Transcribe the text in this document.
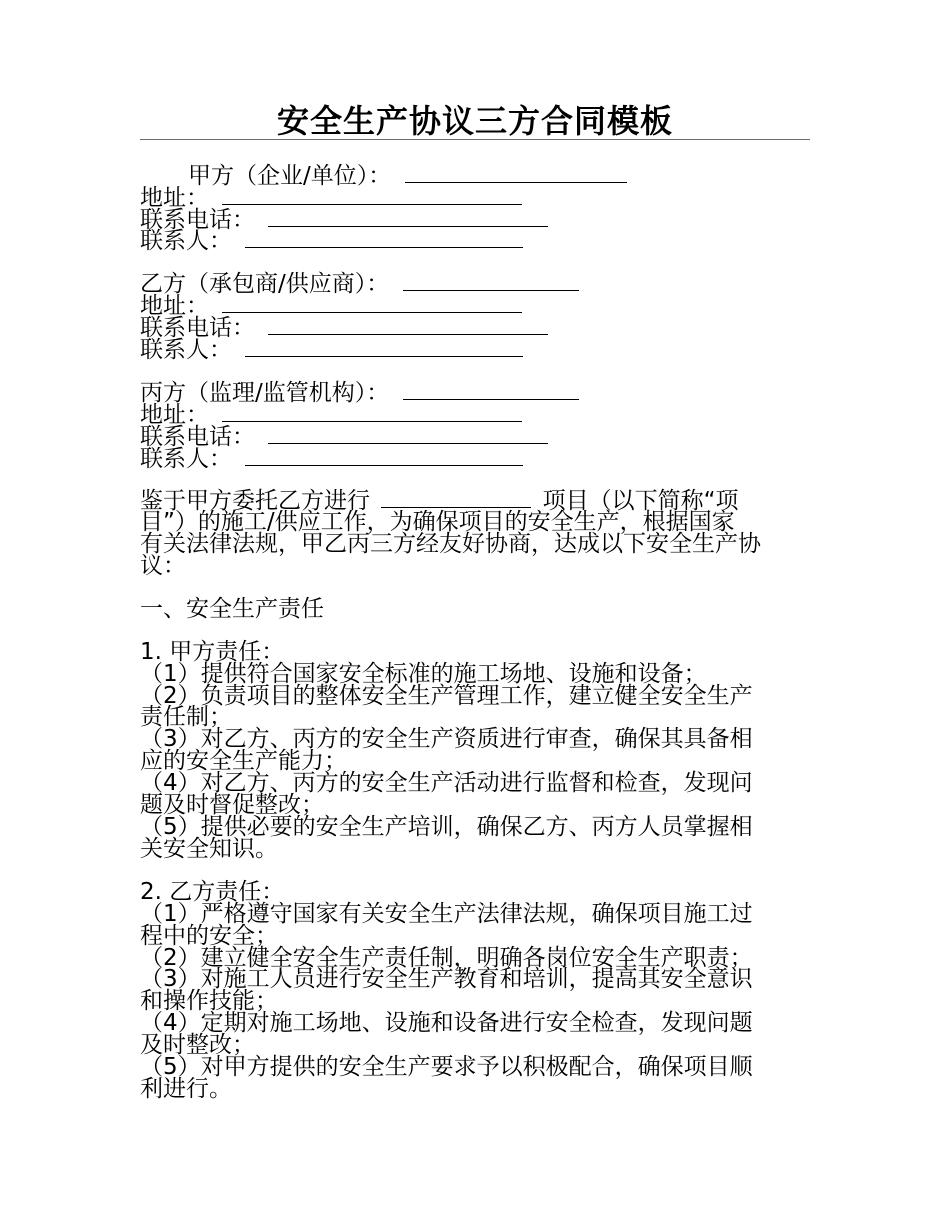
安全生产协议三方合同模板
甲方（企业/单位）：
地址：
联系电话：
联系人：
乙方（承包商/供应商）：
地址：
联系电话：
联系人：
丙方（监理/监管机构）：
地址：
联系电话：
联系人：
鉴于甲方委托乙方进行	项目（以下简称“项
目”）的施工/供应工作，为确保项目的安全生产，根据国家
有关法律法规，甲乙丙三方经友好协商，达成以下安全生产协
议：
一、安全生产责任
1. 甲方责任：
（1）提供符合国家安全标准的施工场地、设施和设备；
（2）负责项目的整体安全生产管理工作，建立健全安全生产
责任制；
（3）对乙方、丙方的安全生产资质进行审查，确保其具备相
应的安全生产能力；
（4）对乙方、丙方的安全生产活动进行监督和检查，发现问
题及时督促整改；
（5）提供必要的安全生产培训，确保乙方、丙方人员掌握相
关安全知识。
2. 乙方责任：
（1）严格遵守国家有关安全生产法律法规，确保项目施工过
程中的安全；
（2）建立健全安全生产责任制，明确各岗位安全生产职责；
（3）对施工人员进行安全生产教育和培训，提高其安全意识
和操作技能；
（4）定期对施工场地、设施和设备进行安全检查，发现问题
及时整改；
（5）对甲方提供的安全生产要求予以积极配合，确保项目顺
利进行。
